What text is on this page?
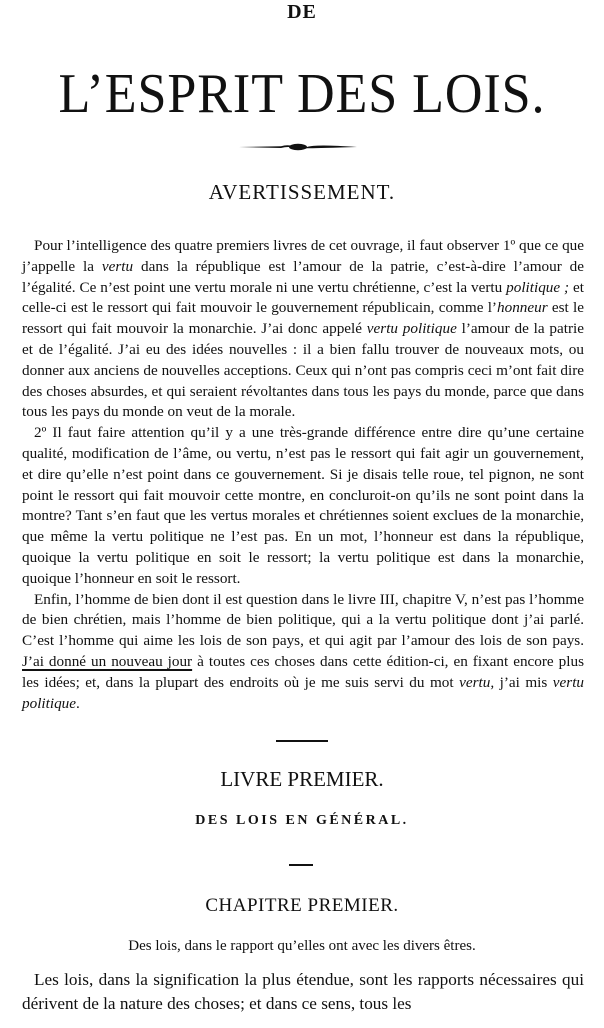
DE
L’ESPRIT DES LOIS.
AVERTISSEMENT.

Pour l’intelligence des quatre premiers livres de cet ouvrage, il faut observer 1º que ce que j’appelle la vertu dans la république est l’amour de la patrie, c’est-à-dire l’amour de l’égalité. Ce n’est point une vertu morale ni une vertu chrétienne, c’est la vertu politique ; et celle-ci est le ressort qui fait mouvoir le gouvernement républicain, comme l’honneur est le ressort qui fait mouvoir la monarchie. J’ai donc appelé vertu politique l’amour de la patrie et de l’égalité. J’ai eu des idées nouvelles : il a bien fallu trouver de nouveaux mots, ou donner aux anciens de nouvelles acceptions. Ceux qui n’ont pas compris ceci m’ont fait dire des choses absurdes, et qui seraient révoltantes dans tous les pays du monde, parce que dans tous les pays du monde on veut de la morale.

2º Il faut faire attention qu’il y a une très-grande différence entre dire qu’une certaine qualité, modification de l’âme, ou vertu, n’est pas le ressort qui fait agir un gouvernement, et dire qu’elle n’est point dans ce gouvernement. Si je disais telle roue, tel pignon, ne sont point le ressort qui fait mouvoir cette montre, en concluroit-on qu’ils ne sont point dans la montre? Tant s’en faut que les vertus morales et chrétiennes soient exclues de la monarchie, que même la vertu politique ne l’est pas. En un mot, l’honneur est dans la république, quoique la vertu politique en soit le ressort; la vertu politique est dans la monarchie, quoique l’honneur en soit le ressort.

Enfin, l’homme de bien dont il est question dans le livre III, chapitre V, n’est pas l’homme de bien chrétien, mais l’homme de bien politique, qui a la vertu politique dont j’ai parlé. C’est l’homme qui aime les lois de son pays, et qui agit par l’amour des lois de son pays. J’ai donné un nouveau jour à toutes ces choses dans cette édition-ci, en fixant encore plus les idées; et, dans la plupart des endroits où je me suis servi du mot vertu, j’ai mis vertu politique.

LIVRE PREMIER.
DES LOIS EN GÉNÉRAL.
CHAPITRE PREMIER.
Des lois, dans le rapport qu’elles ont avec les divers êtres.

Les lois, dans la signification la plus étendue, sont les rapports nécessaires qui dérivent de la nature des choses; et dans ce sens, tous les
